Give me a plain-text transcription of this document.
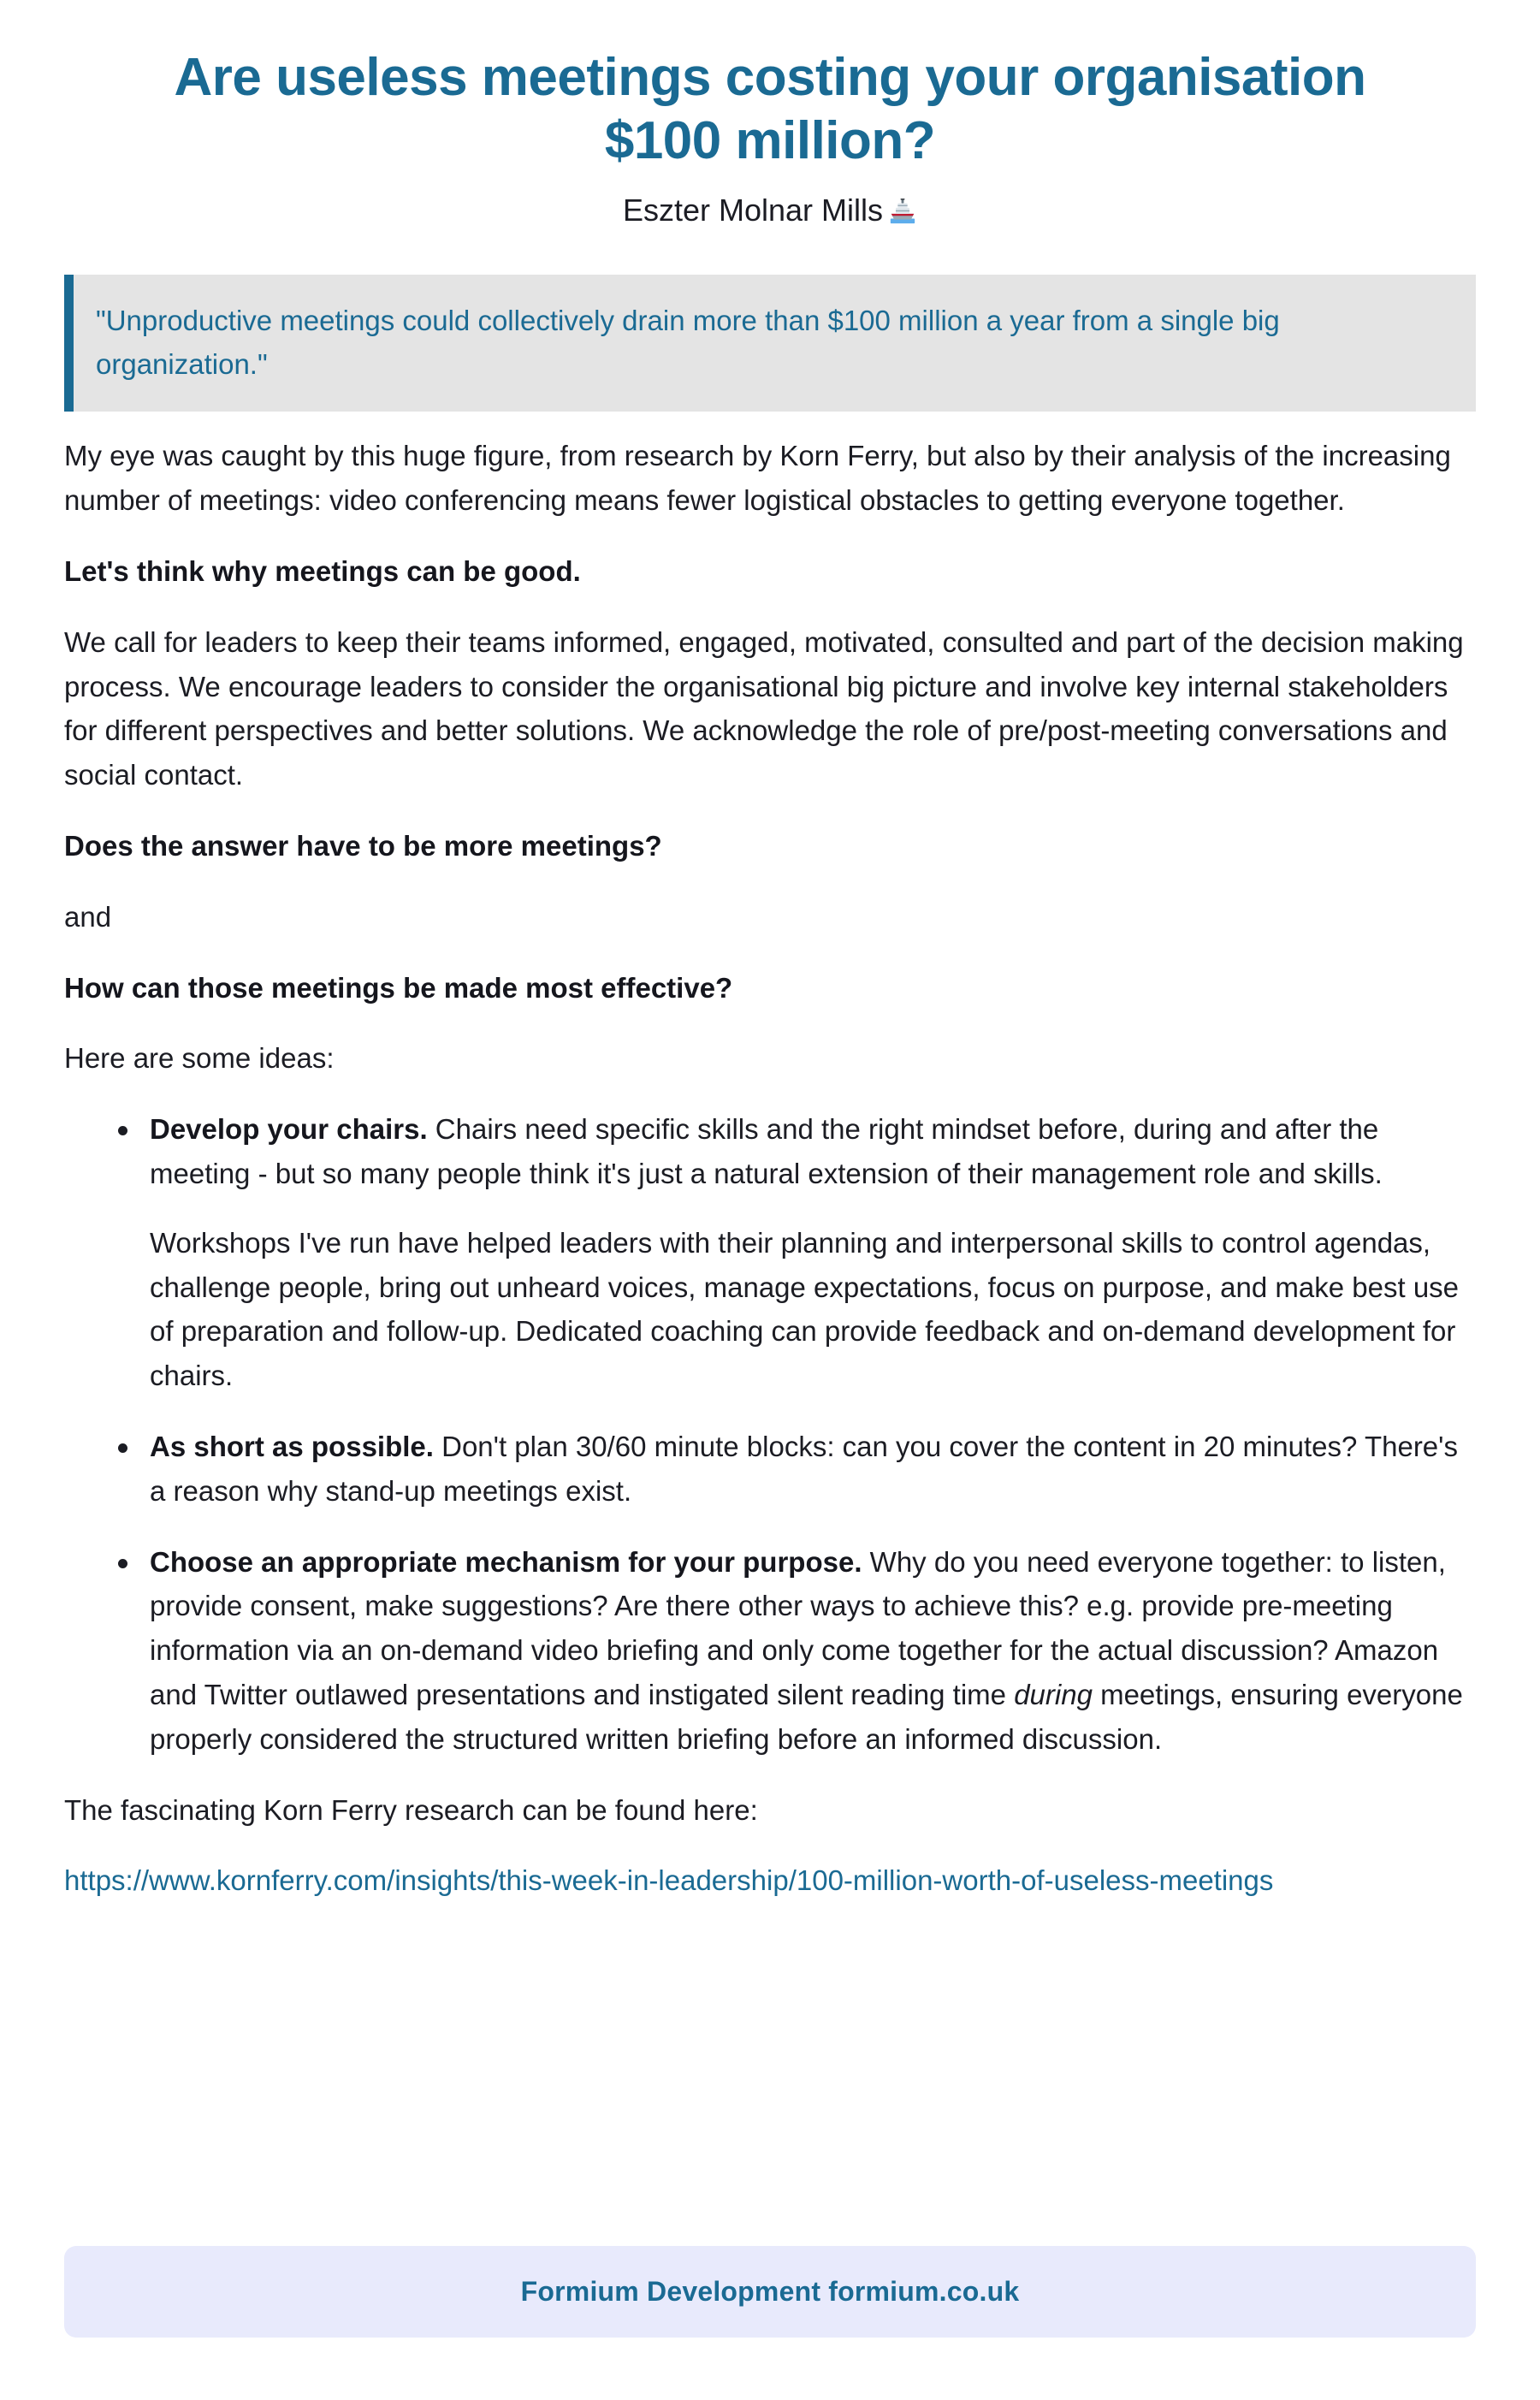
Are useless meetings costing your organisation $100 million?
Eszter Molnar Mills

"Unproductive meetings could collectively drain more than $100 million a year from a single big organization."

My eye was caught by this huge figure, from research by Korn Ferry, but also by their analysis of the increasing number of meetings: video conferencing means fewer logistical obstacles to getting everyone together.

Let's think why meetings can be good.

We call for leaders to keep their teams informed, engaged, motivated, consulted and part of the decision making process. We encourage leaders to consider the organisational big picture and involve key internal stakeholders for different perspectives and better solutions. We acknowledge the role of pre/post-meeting conversations and social contact.

Does the answer have to be more meetings?

and

How can those meetings be made most effective?

Here are some ideas:

Develop your chairs. Chairs need specific skills and the right mindset before, during and after the meeting - but so many people think it's just a natural extension of their management role and skills.

Workshops I've run have helped leaders with their planning and interpersonal skills to control agendas, challenge people, bring out unheard voices, manage expectations, focus on purpose, and make best use of preparation and follow-up. Dedicated coaching can provide feedback and on-demand development for chairs.

As short as possible. Don't plan 30/60 minute blocks: can you cover the content in 20 minutes? There's a reason why stand-up meetings exist.

Choose an appropriate mechanism for your purpose. Why do you need everyone together: to listen, provide consent, make suggestions? Are there other ways to achieve this? e.g. provide pre-meeting information via an on-demand video briefing and only come together for the actual discussion? Amazon and Twitter outlawed presentations and instigated silent reading time during meetings, ensuring everyone properly considered the structured written briefing before an informed discussion.

The fascinating Korn Ferry research can be found here:

https://www.kornferry.com/insights/this-week-in-leadership/100-million-worth-of-useless-meetings
Formium Development formium.co.uk
